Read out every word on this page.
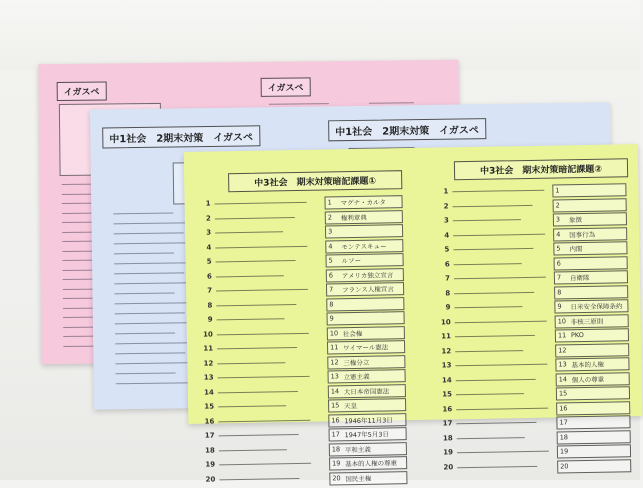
イガスペ	イガスペ
中1社会　2期末対策　イガスペ
中1社会　2期末対策　イガスペ
中3社会　期末対策暗記課題①
中3社会　期末対策暗記課題②
1	1 マグナ・カルタ
2	2 権利章典
3	3
4	4 モンテスキュー
5	5 ルソー
6	6 アメリカ独立宣言
7	7 フランス人権宣言
8	8
9	9
10	10 社会権
11	11 ワイマール憲法
12	12 三権分立
13	13 立憲主義
14	14 大日本帝国憲法
15	15 天皇
16	16 1946年11月3日
17	17 1947年5月3日
18	18 平和主義
19	19 基本的人権の尊重
20	20 国民主権
1	1
2	2
3	3 象徴
4	4 国事行為
5	5 内閣
6	6
7	7 自衛隊
8	8
9	9 日米安全保障条約
10	10 非核三原則
11	11 PKO
12	12
13	13 基本的人権
14	14 個人の尊重
15	15
16	16
17	17
18	18
19	19
20	20
